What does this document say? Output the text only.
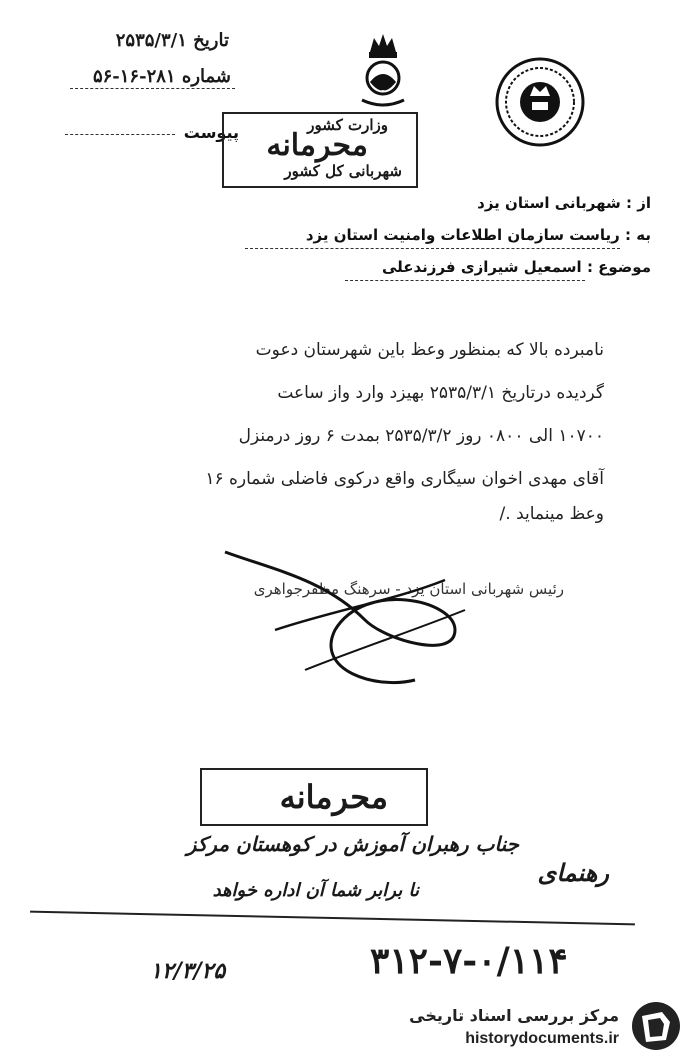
تاریخ ۲۵۳۵/۳/۱
شماره ۲۸۱-۱۶-۵۶
پیوست	وزارت کشور
محرمانه
شهربانی کل کشور
از : شهربانی استان یزد
به : ریاست سازمان اطلاعات وامنیت استان یزد
موضوع : اسمعیل شیرازی فرزندعلی
نامبرده بالا که بمنظور وعظ باین شهرستان دعوت
گردیده درتاریخ ۲۵۳۵/۳/۱ بهیزد وارد واز ساعت
۱۰۷۰۰ الی ۰۸۰۰ روز ۲۵۳۵/۳/۲ بمدت ۶ روز درمنزل
آقای مهدی اخوان سیگاری واقع درکوی فاضلی شماره ۱۶
وعظ مینماید ./
رئیس شهربانی استان یزد - سرهنگ مظفرجواهری
محرمانه
جناب رهبران آموزش در کوهستان مرکز
نا برابر شما آن اداره خواهد
رهنمای
۱۲/۳/۲۵	۳۱۲-۷-۰/۱۱۴
مرکز بررسی اسناد تاریخی
historydocuments.ir
